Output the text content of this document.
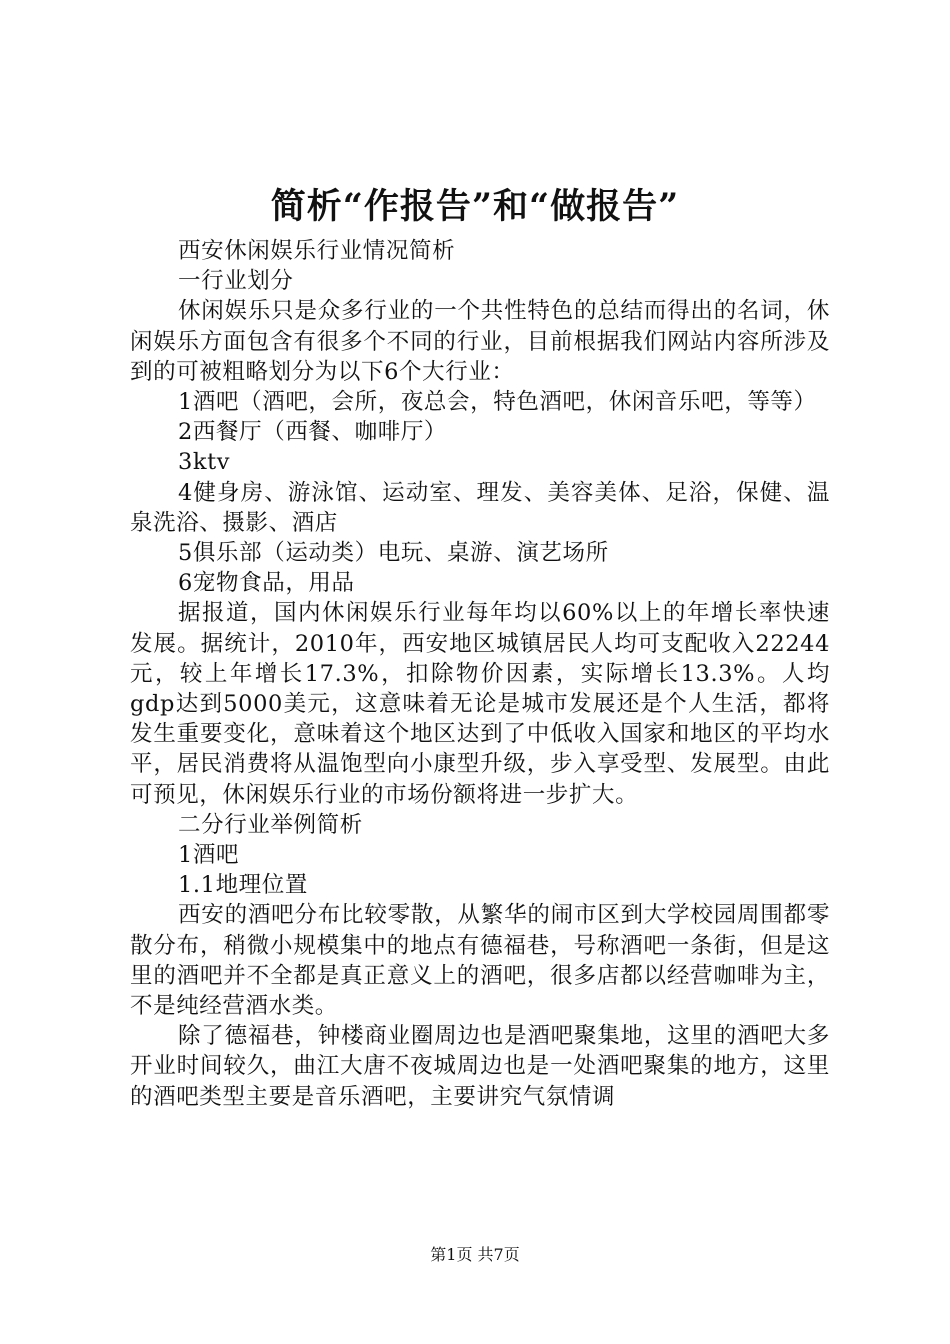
简析“作报告”和“做报告”

西安休闲娱乐行业情况简析

一行业划分

休闲娱乐只是众多行业的一个共性特色的总结而得出的名词，休闲娱乐方面包含有很多个不同的行业，目前根据我们网站内容所涉及到的可被粗略划分为以下6个大行业：

1酒吧（酒吧，会所，夜总会，特色酒吧，休闲音乐吧，等等）

2西餐厅（西餐、咖啡厅）

3ktv

4健身房、游泳馆、运动室、理发、美容美体、足浴，保健、温泉洗浴、摄影、酒店

5俱乐部（运动类）电玩、桌游、演艺场所

6宠物食品，用品

据报道，国内休闲娱乐行业每年均以60%以上的年增长率快速发展。据统计，2010年，西安地区城镇居民人均可支配收入22244元，较上年增长17.3%，扣除物价因素，实际增长13.3%。人均gdp达到5000美元，这意味着无论是城市发展还是个人生活，都将发生重要变化，意味着这个地区达到了中低收入国家和地区的平均水平，居民消费将从温饱型向小康型升级，步入享受型、发展型。由此可预见，休闲娱乐行业的市场份额将进一步扩大。

二分行业举例简析

1酒吧

1.1地理位置

西安的酒吧分布比较零散，从繁华的闹市区到大学校园周围都零散分布，稍微小规模集中的地点有德福巷，号称酒吧一条街，但是这里的酒吧并不全都是真正意义上的酒吧，很多店都以经营咖啡为主，不是纯经营酒水类。

除了德福巷，钟楼商业圈周边也是酒吧聚集地，这里的酒吧大多开业时间较久，曲江大唐不夜城周边也是一处酒吧聚集的地方，这里的酒吧类型主要是音乐酒吧，主要讲究气氛情调

第1页 共7页
